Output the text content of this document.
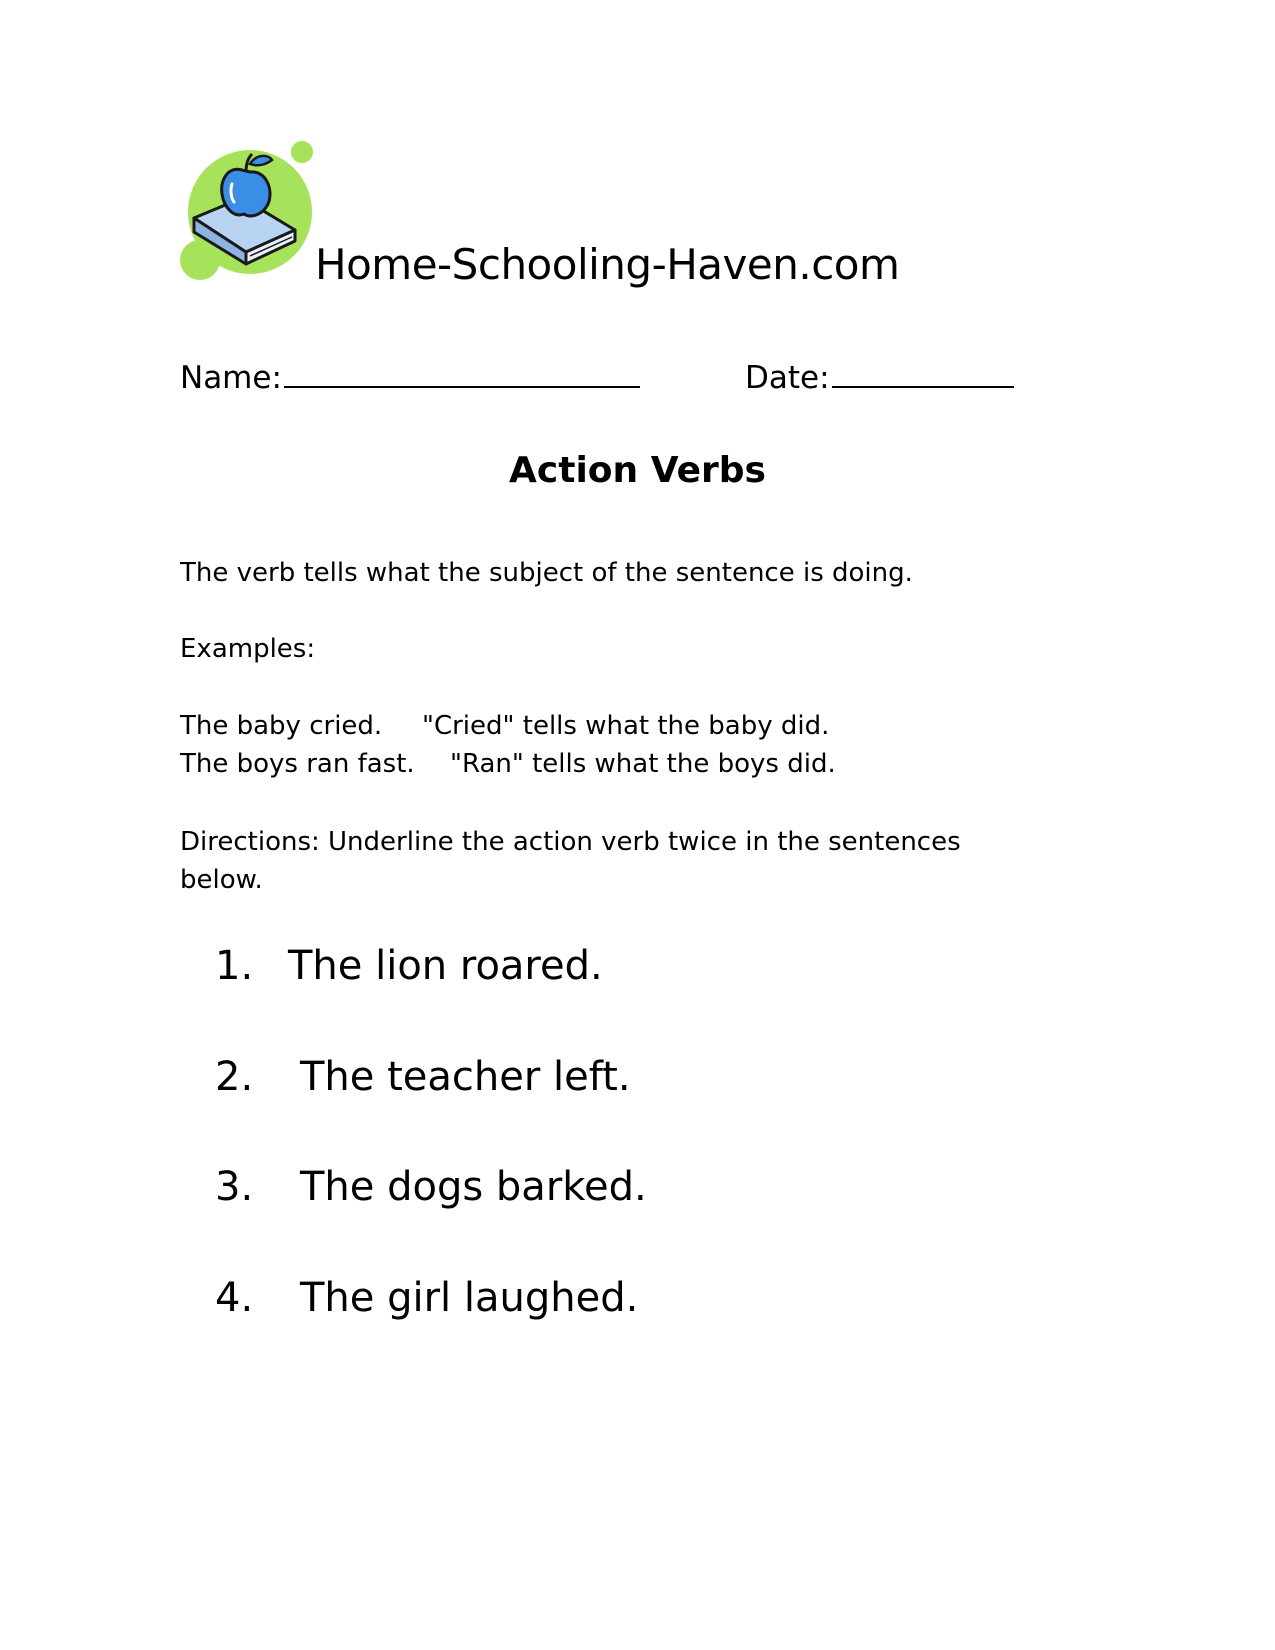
Home-Schooling-Haven.com
Name:	Date:
Action Verbs
The verb tells what the subject of the sentence is doing.
Examples:
The baby cried. "Cried" tells what the baby did.
The boys ran fast. "Ran" tells what the boys did.
Directions: Underline the action verb twice in the sentences below.
1. The lion roared.
2. The teacher left.
3. The dogs barked.
4. The girl laughed.
